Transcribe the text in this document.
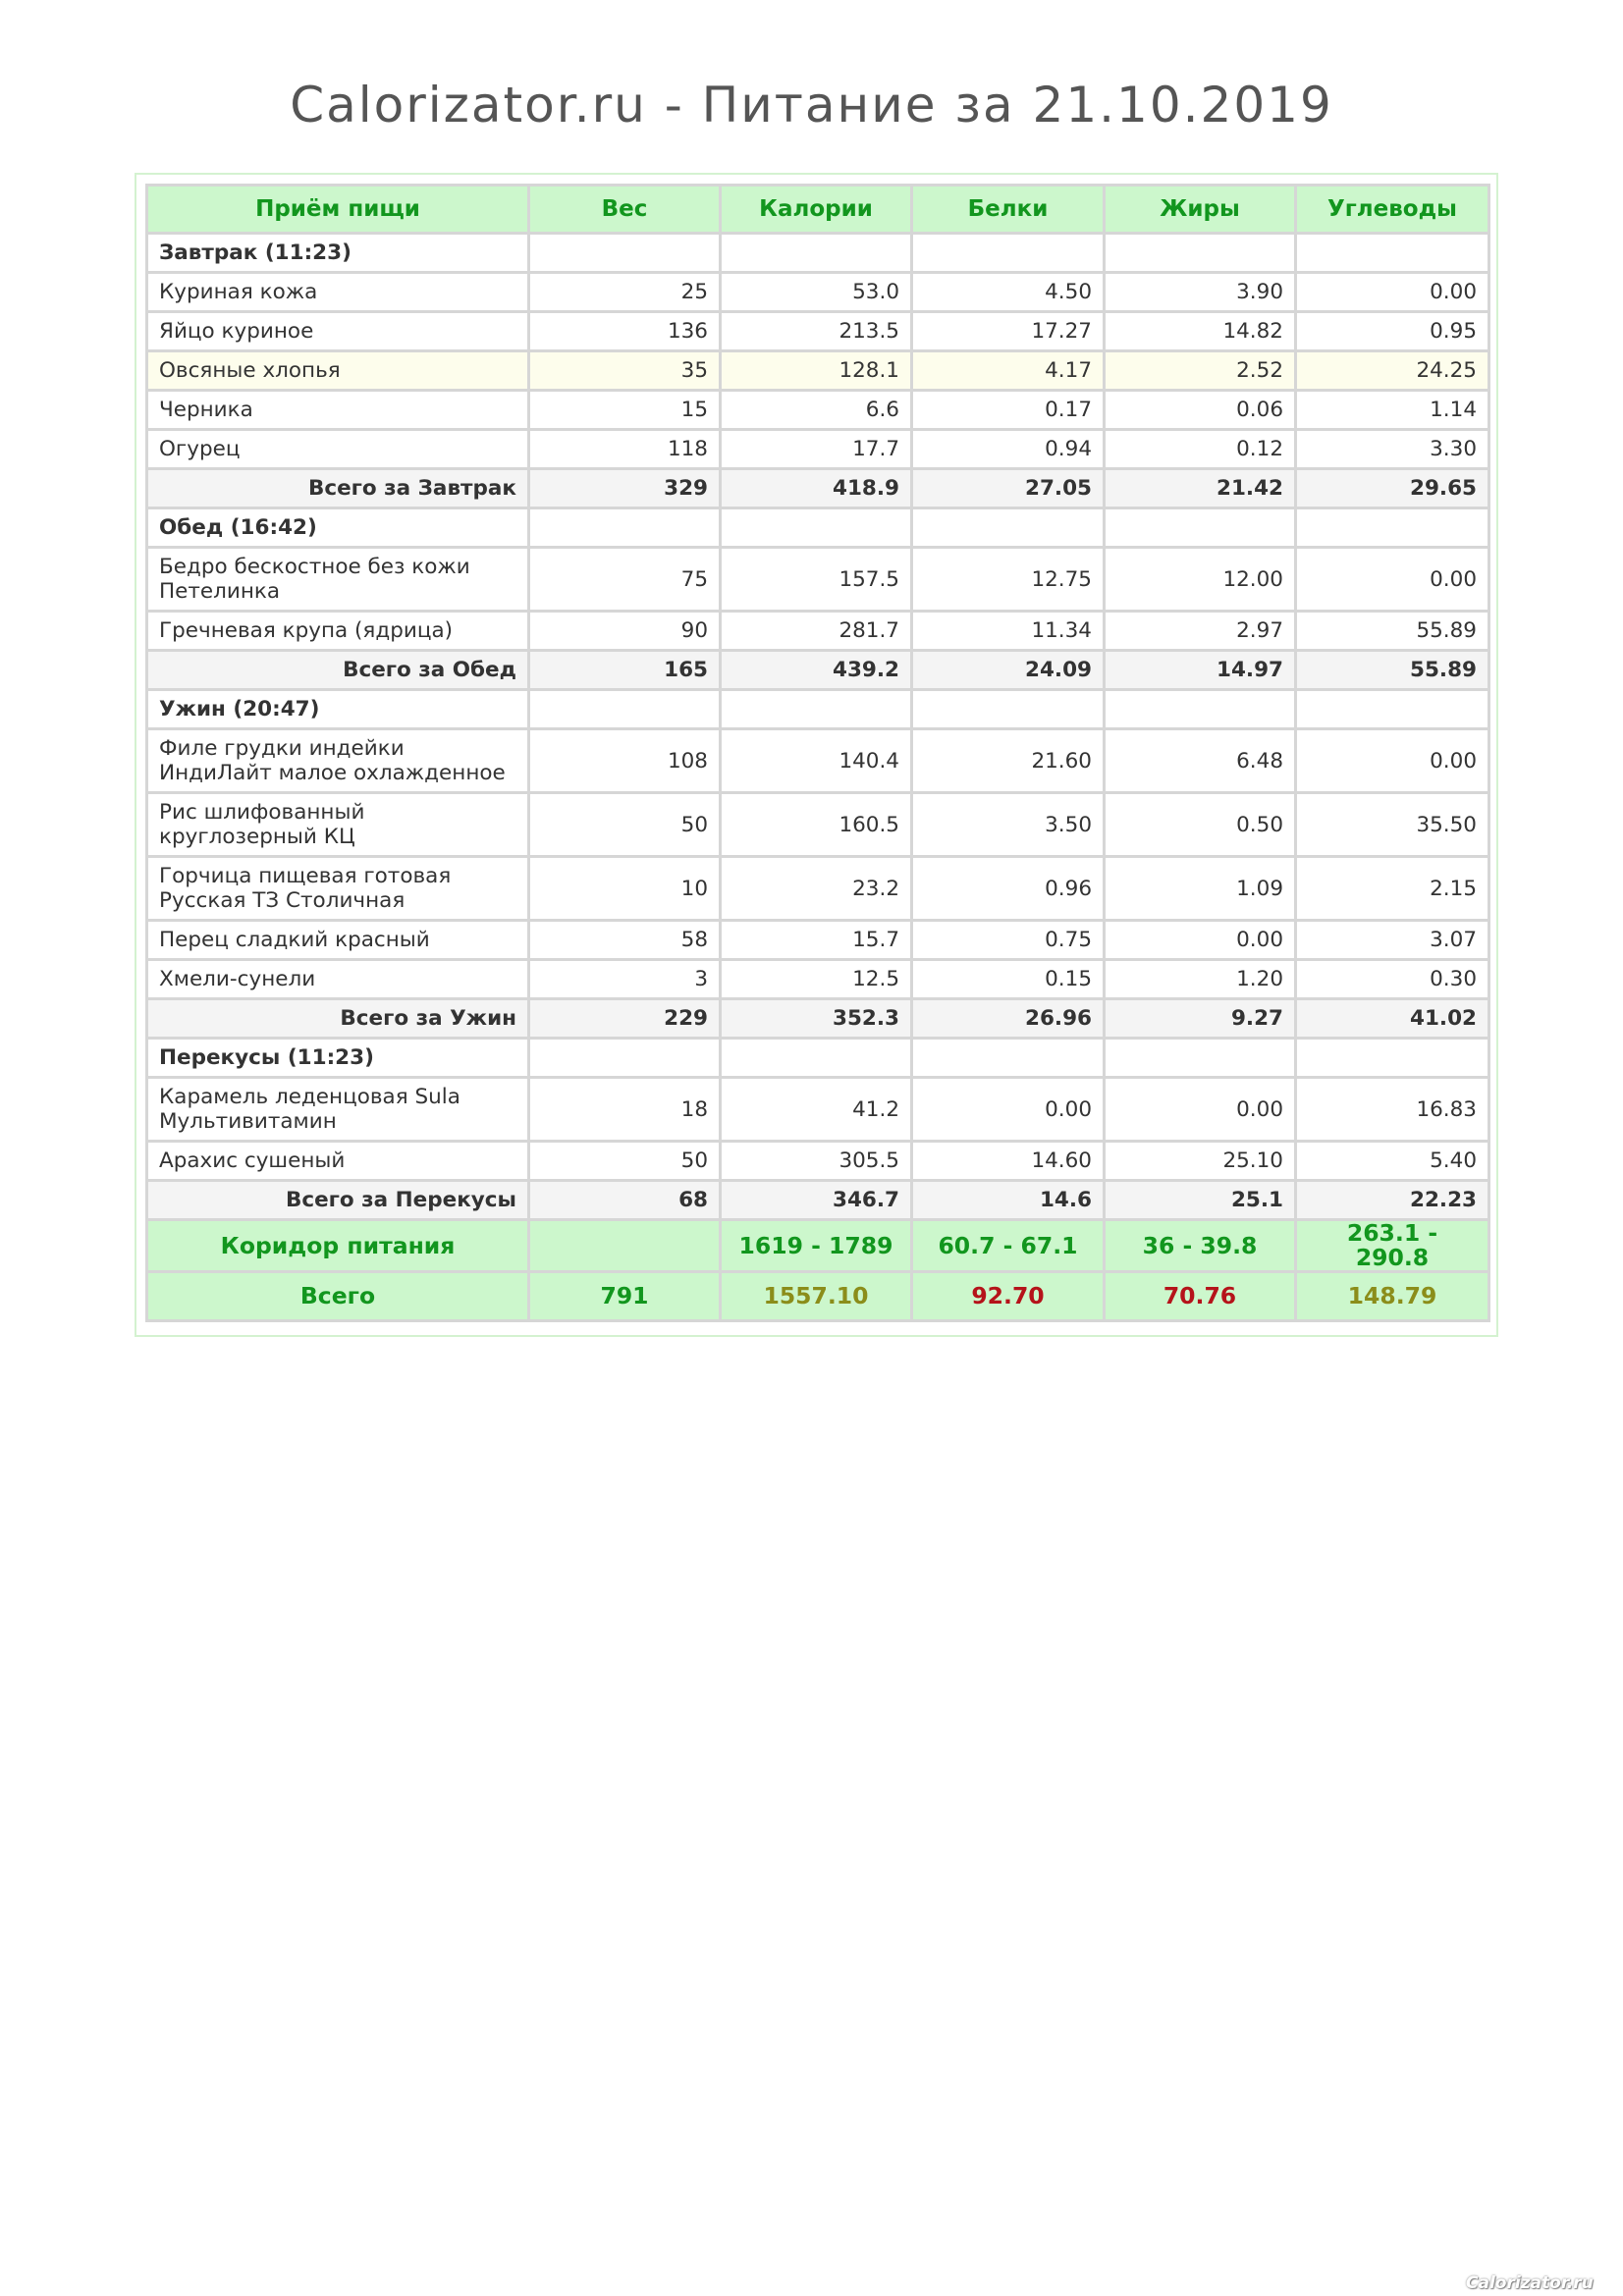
Calorizator.ru - Питание за 21.10.2019
Приём пищи	Вес	Калории	Белки	Жиры	Углеводы
Завтрак (11:23)					
Куриная кожа	25	53.0	4.50	3.90	0.00
Яйцо куриное	136	213.5	17.27	14.82	0.95
Овсяные хлопья	35	128.1	4.17	2.52	24.25
Черника	15	6.6	0.17	0.06	1.14
Огурец	118	17.7	0.94	0.12	3.30
Всего за Завтрак	329	418.9	27.05	21.42	29.65
Обед (16:42)					
Бедро бескостное без кожи Петелинка	75	157.5	12.75	12.00	0.00
Гречневая крупа (ядрица)	90	281.7	11.34	2.97	55.89
Всего за Обед	165	439.2	24.09	14.97	55.89
Ужин (20:47)					
Филе грудки индейки ИндиЛайт малое охлажденное	108	140.4	21.60	6.48	0.00
Рис шлифованный круглозерный КЦ	50	160.5	3.50	0.50	35.50
Горчица пищевая готовая Русская ТЗ Столичная	10	23.2	0.96	1.09	2.15
Перец сладкий красный	58	15.7	0.75	0.00	3.07
Хмели-сунели	3	12.5	0.15	1.20	0.30
Всего за Ужин	229	352.3	26.96	9.27	41.02
Перекусы (11:23)					
Карамель леденцовая Sula Мультивитамин	18	41.2	0.00	0.00	16.83
Арахис сушеный	50	305.5	14.60	25.10	5.40
Всего за Перекусы	68	346.7	14.6	25.1	22.23
Коридор питания		1619 - 1789	60.7 - 67.1	36 - 39.8	263.1 - 290.8
Всего	791	1557.10	92.70	70.76	148.79
Calorizator.ru
